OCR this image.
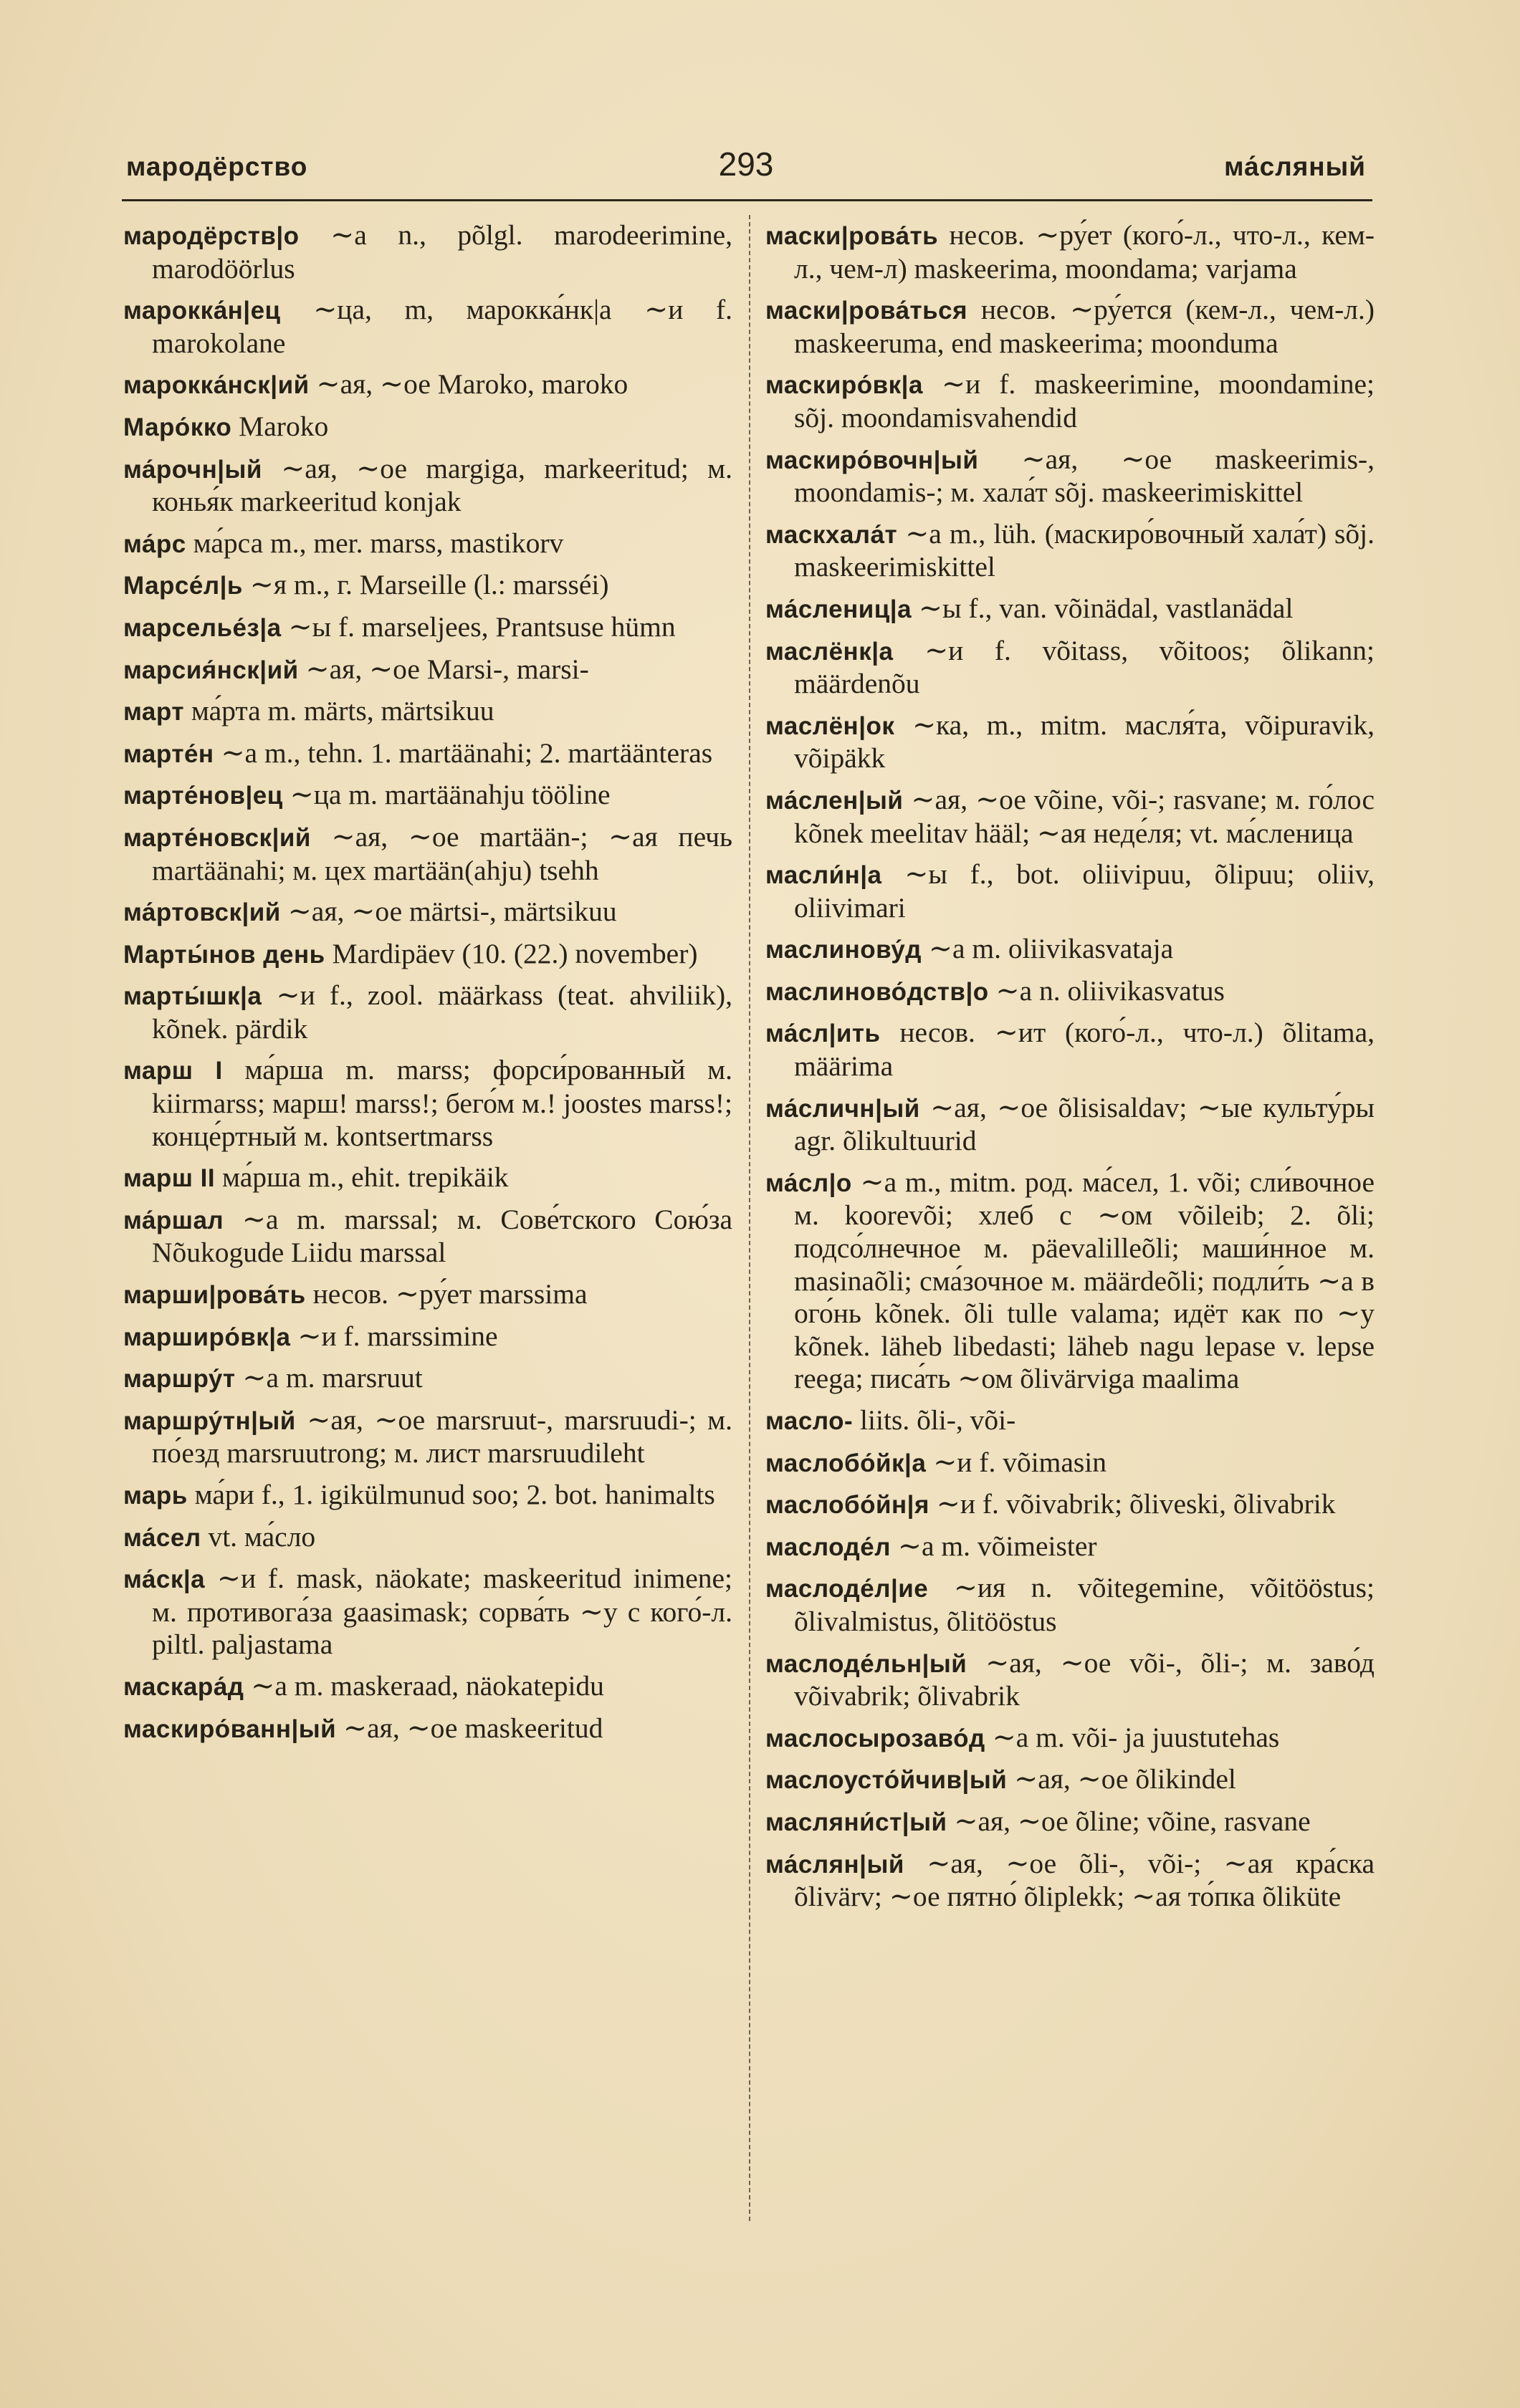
мародёрство	293	ма́сляный

мародёрств|о ∼а n., põlgl. marodeerimine, marodöörlus

марокка́н|ец ∼ца, m, марокка́нк|а ∼и f. marokolane

марокка́нск|ий ∼ая, ∼ое Maroko, maroko

Маро́кко Maroko

ма́рочн|ый ∼ая, ∼ое margiga, markeeritud; м. конья́к markeeritud konjak

ма́рс ма́рса m., mer. marss, mastikorv

Марсе́л|ь ∼я m., г. Marseille (l.: marsséi)

марселье́з|а ∼ы f. marseljees, Prantsuse hümn

марсия́нск|ий ∼ая, ∼ое Marsi-, marsi-

март ма́рта m. märts, märtsikuu

марте́н ∼а m., tehn. 1. martäänahi; 2. martäänteras

марте́нов|ец ∼ца m. martäänahju tööline

марте́новск|ий ∼ая, ∼ое martään-; ∼ая печь martäänahi; м. цех martään(ahju) tsehh

ма́ртовск|ий ∼ая, ∼ое märtsi-, märtsikuu

Марты́нов день Mardipäev (10. (22.) november)

марты́шк|а ∼и f., zool. määrkass (teat. ahviliik), kõnek. pärdik

марш I ма́рша m. marss; форси́рованный м. kiirmarss; марш! marss!; бего́м м.! joostes marss!; конце́ртный м. kontsertmarss

марш II ма́рша m., ehit. trepikäik

ма́ршал ∼а m. marssal; м. Сове́тского Сою́за Nõukogude Liidu marssal

марши|рова́ть несов. ∼ру́ет marssima

марширо́вк|а ∼и f. marssimine

маршру́т ∼а m. marsruut

маршру́тн|ый ∼ая, ∼ое marsruut-, marsruudi-; м. по́езд marsruutrong; м. лист marsruudileht

марь ма́ри f., 1. igikülmunud soo; 2. bot. hanimalts

ма́сел vt. ма́сло

ма́ск|а ∼и f. mask, näokate; maskeeritud inimene; м. противога́за gaasimask; сорва́ть ∼у с кого́-л. piltl. paljastama

маскара́д ∼а m. maskeraad, näokatepidu

маскиро́ванн|ый ∼ая, ∼ое maskeeritud

маски|рова́ть несов. ∼ру́ет (кого́-л., что-л., кем-л., чем-л) maskeerima, moondama; varjama

маски|рова́ться несов. ∼ру́ется (кем-л., чем-л.) maskeeruma, end maskeerima; moonduma

маскиро́вк|а ∼и f. maskeerimine, moondamine; sõj. moondamisvahendid

маскиро́вочн|ый ∼ая, ∼ое maskeerimis-, moondamis-; м. хала́т sõj. maskeerimiskittel

маскхала́т ∼а m., lüh. (маскиро́вочный хала́т) sõj. maskeerimiskittel

ма́слениц|а ∼ы f., van. võinädal, vastlanädal

маслёнк|а ∼и f. võitass, võitoos; õlikann; määrdenõu

маслён|ок ∼ка, m., mitm. масля́та, võipuravik, võipäkk

ма́слен|ый ∼ая, ∼ое võine, või-; rasvane; м. го́лос kõnek meelitav hääl; ∼ая неде́ля; vt. ма́сленица

масли́н|а ∼ы f., bot. oliivipuu, õlipuu; oliiv, oliivimari

маслинову́д ∼а m. oliivikasvataja

маслиново́дств|о ∼а n. oliivikasvatus

ма́сл|ить несов. ∼ит (кого́-л., что-л.) õlitama, määrima

ма́сличн|ый ∼ая, ∼ое õlisisaldav; ∼ые культу́ры agr. õlikultuurid

ма́сл|о ∼а m., mitm. род. ма́сел, 1. või; сли́вочное м. koorevõi; хлеб с ∼ом võileib; 2. õli; подсо́лнечное м. päevalilleõli; маши́нное м. masinaõli; сма́зочное м. määrdeõli; подли́ть ∼а в ого́нь kõnek. õli tulle valama; идёт как по ∼у kõnek. läheb libedasti; läheb nagu lepase v. lepse reega; писа́ть ∼ом õlivärviga maalima

масло- liits. õli-, või-

маслобо́йк|а ∼и f. võimasin

маслобо́йн|я ∼и f. võivabrik; õliveski, õlivabrik

маслоде́л ∼а m. võimeister

маслоде́л|ие ∼ия n. võitegemine, võitööstus; õlivalmistus, õlitööstus

маслоде́льн|ый ∼ая, ∼ое või-, õli-; м. заво́д võivabrik; õlivabrik

маслосырозаво́д ∼а m. või- ja juustutehas

маслоусто́йчив|ый ∼ая, ∼ое õlikindel

масляни́ст|ый ∼ая, ∼ое õline; võine, rasvane

ма́слян|ый ∼ая, ∼ое õli-, või-; ∼ая кра́ска õlivärv; ∼ое пятно́ õliplekk; ∼ая то́пка õliküte
